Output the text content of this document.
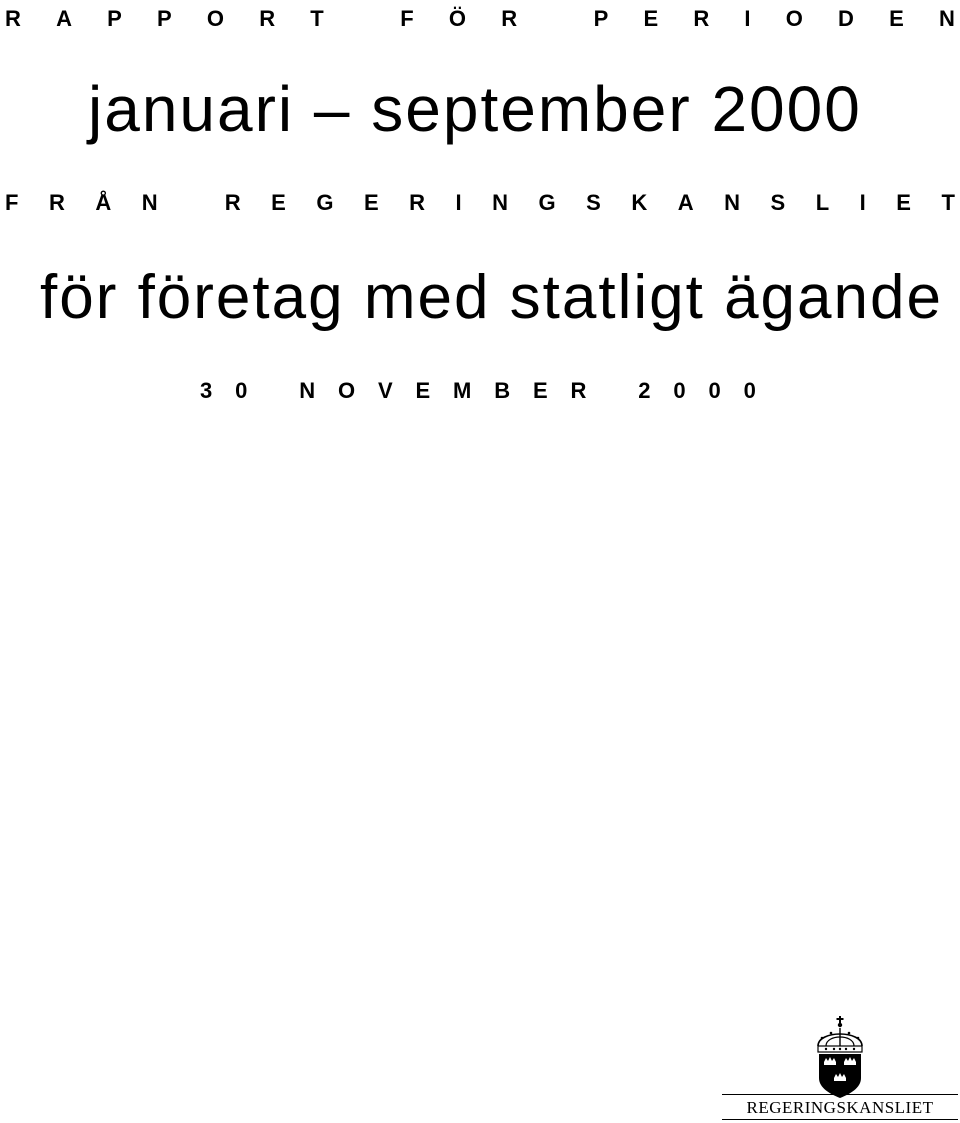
R A P P O R T
	F Ö R
	P E R I O D E N
januari – september 2000
F R Å N
	R E G E R I N G S K A N S L I E T
för företag med statligt ägande
3 0
N O V E M B E R
2 0 0 0
REGERINGSKANSLIET
